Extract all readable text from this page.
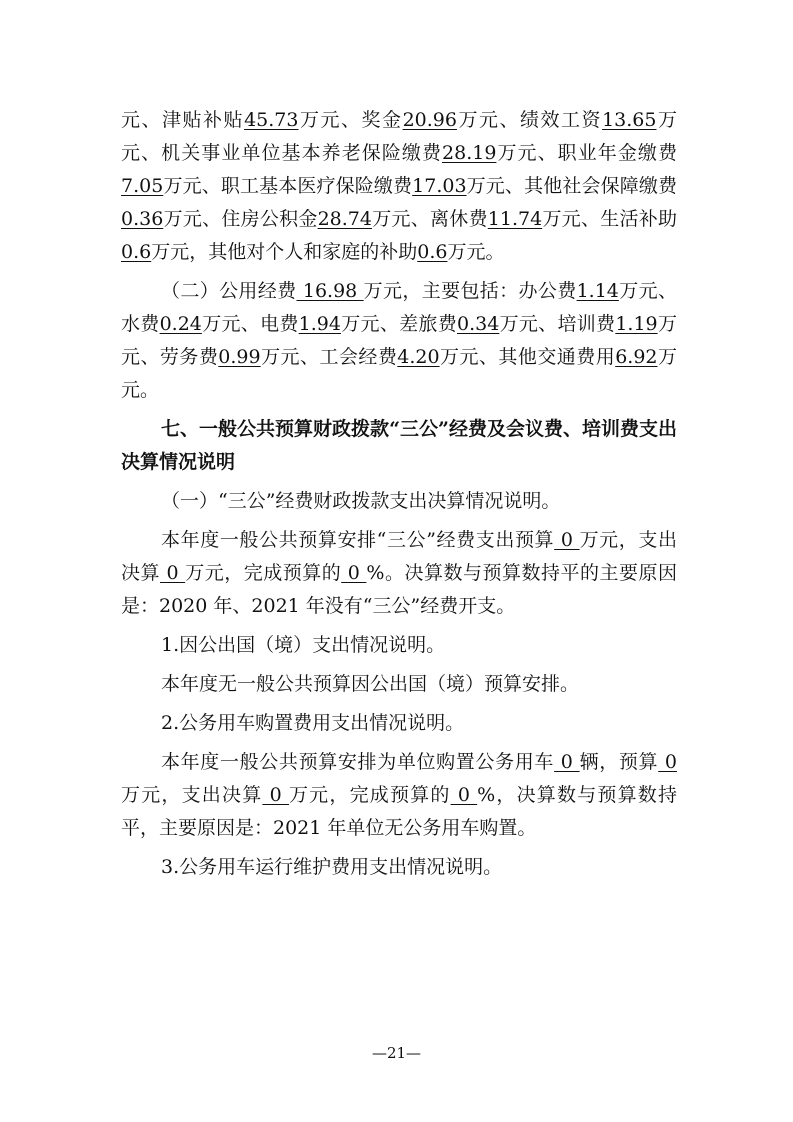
元、津贴补贴45.73万元、奖金20.96万元、绩效工资13.65万元、机关事业单位基本养老保险缴费28.19万元、职业年金缴费7.05万元、职工基本医疗保险缴费17.03万元、其他社会保障缴费0.36万元、住房公积金28.74万元、离休费11.74万元、生活补助0.6万元，其他对个人和家庭的补助0.6万元。

（二）公用经费 16.98 万元，主要包括：办公费1.14万元、水费0.24万元、电费1.94万元、差旅费0.34万元、培训费1.19万元、劳务费0.99万元、工会经费4.20万元、其他交通费用6.92万元。

七、一般公共预算财政拨款“三公”经费及会议费、培训费支出决算情况说明

（一）“三公”经费财政拨款支出决算情况说明。

本年度一般公共预算安排“三公”经费支出预算 0 万元，支出决算 0 万元，完成预算的 0 %。决算数与预算数持平的主要原因是：2020 年、2021 年没有“三公”经费开支。

1.因公出国（境）支出情况说明。

本年度无一般公共预算因公出国（境）预算安排。

2.公务用车购置费用支出情况说明。

本年度一般公共预算安排为单位购置公务用车 0 辆，预算 0 万元，支出决算 0 万元，完成预算的 0 %，决算数与预算数持平，主要原因是：2021 年单位无公务用车购置。

3.公务用车运行维护费用支出情况说明。

—21—
